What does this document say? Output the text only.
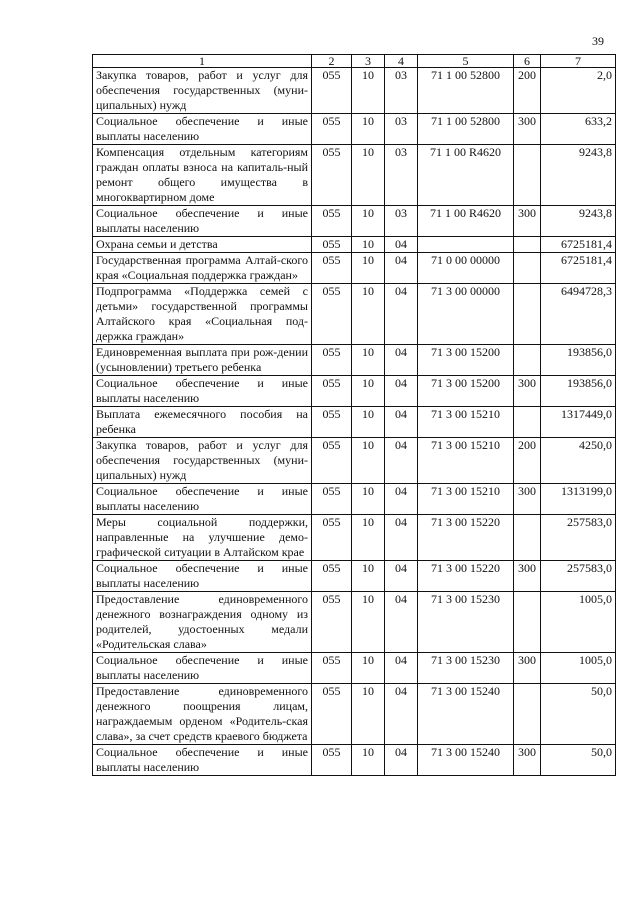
39
1	2	3	4	5	6	7
Закупка товаров, работ и услуг для обеспечения государственных (муни-ципальных) нужд	055	10	03	71 1 00 52800	200	2,0
Социальное обеспечение и иные выплаты населению	055	10	03	71 1 00 52800	300	633,2
Компенсация отдельным категориям граждан оплаты взноса на капиталь-ный ремонт общего имущества в многоквартирном доме	055	10	03	71 1 00 R4620		9243,8
Социальное обеспечение и иные выплаты населению	055	10	03	71 1 00 R4620	300	9243,8
Охрана семьи и детства	055	10	04			6725181,4
Государственная программа Алтай-ского края «Социальная поддержка граждан»	055	10	04	71 0 00 00000		6725181,4
Подпрограмма «Поддержка семей с детьми» государственной программы Алтайского края «Социальная под-держка граждан»	055	10	04	71 3 00 00000		6494728,3
Единовременная выплата при рож-дении (усыновлении) третьего ребенка	055	10	04	71 3 00 15200		193856,0
Социальное обеспечение и иные выплаты населению	055	10	04	71 3 00 15200	300	193856,0
Выплата ежемесячного пособия на ребенка	055	10	04	71 3 00 15210		1317449,0
Закупка товаров, работ и услуг для обеспечения государственных (муни-ципальных) нужд	055	10	04	71 3 00 15210	200	4250,0
Социальное обеспечение и иные выплаты населению	055	10	04	71 3 00 15210	300	1313199,0
Меры социальной поддержки, направленные на улучшение демо-графической ситуации в Алтайском крае	055	10	04	71 3 00 15220		257583,0
Социальное обеспечение и иные выплаты населению	055	10	04	71 3 00 15220	300	257583,0
Предоставление единовременного денежного вознаграждения одному из родителей, удостоенных медали «Родительская слава»	055	10	04	71 3 00 15230		1005,0
Социальное обеспечение и иные выплаты населению	055	10	04	71 3 00 15230	300	1005,0
Предоставление единовременного денежного поощрения лицам, награждаемым орденом «Родитель-ская слава», за счет средств краевого бюджета	055	10	04	71 3 00 15240		50,0
Социальное обеспечение и иные выплаты населению	055	10	04	71 3 00 15240	300	50,0
